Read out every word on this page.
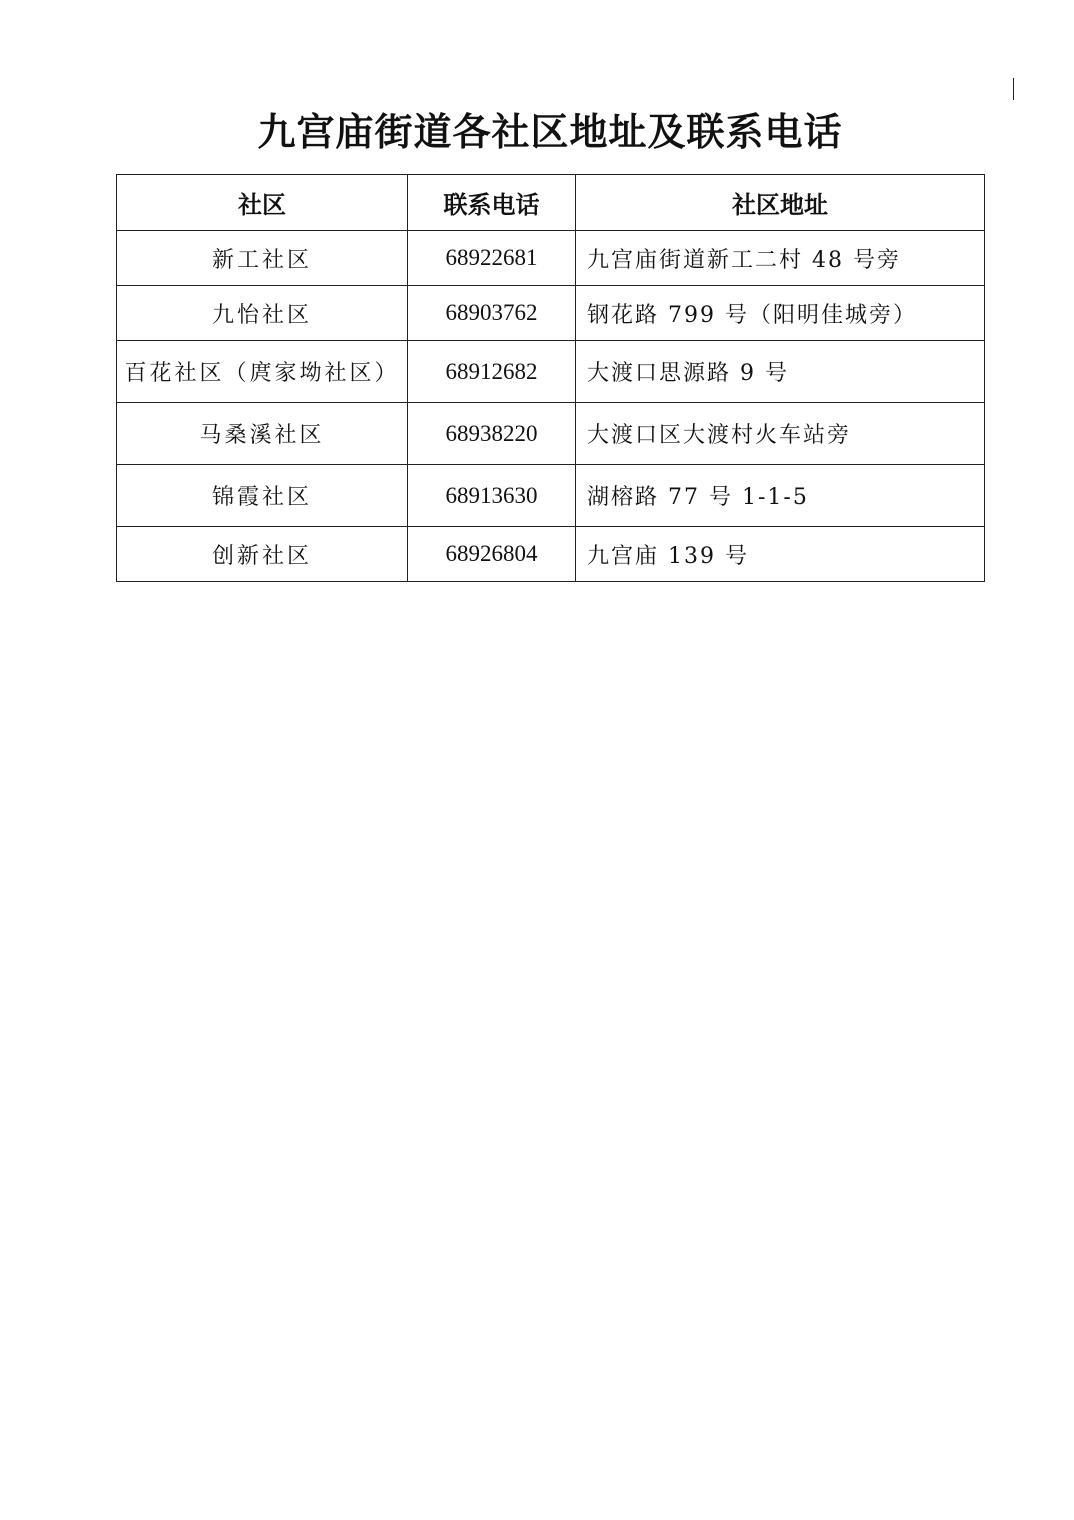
九宫庙街道各社区地址及联系电话
社区	联系电话	社区地址
新工社区	68922681	九宫庙街道新工二村 48 号旁
九怡社区	68903762	钢花路 799 号（阳明佳城旁）
百花社区（庹家坳社区）	68912682	大渡口思源路 9 号
马桑溪社区	68938220	大渡口区大渡村火车站旁
锦霞社区	68913630	湖榕路 77 号 1-1-5
创新社区	68926804	九宫庙 139 号
